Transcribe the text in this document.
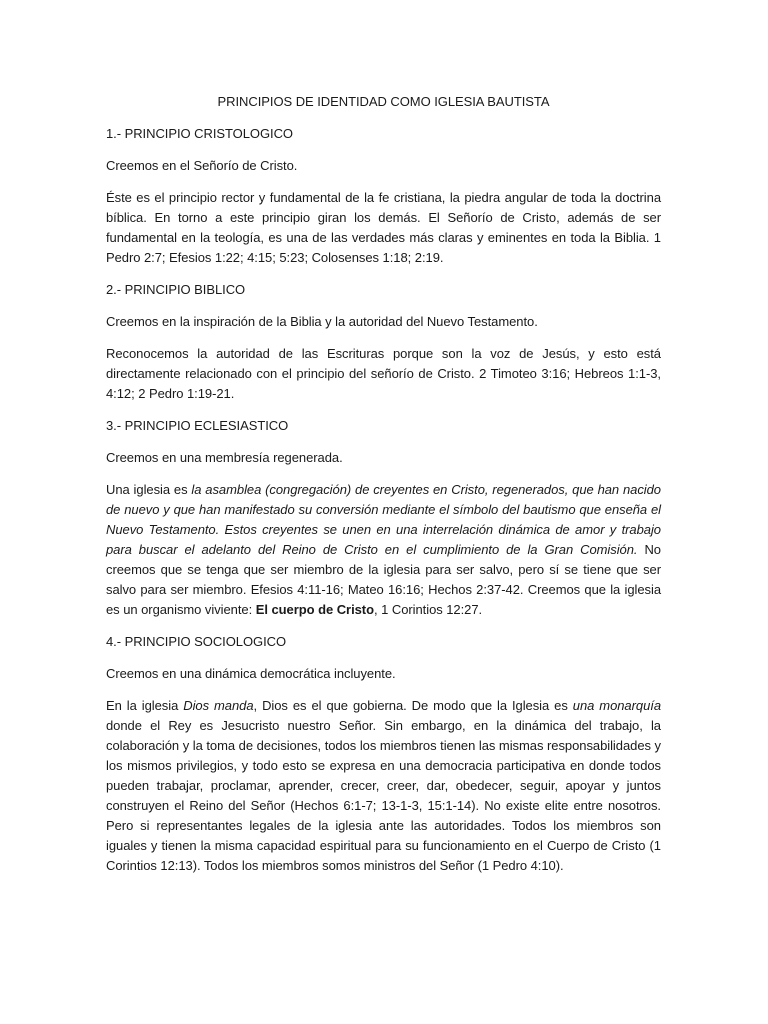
PRINCIPIOS DE IDENTIDAD COMO IGLESIA BAUTISTA
1.- PRINCIPIO CRISTOLOGICO
Creemos en el Señorío de Cristo.

Éste es el principio rector y fundamental de la fe cristiana, la piedra angular de toda la doctrina bíblica. En torno a este principio giran los demás. El Señorío de Cristo, además de ser fundamental en la teología, es una de las verdades más claras y eminentes en toda la Biblia. 1 Pedro 2:7; Efesios 1:22; 4:15; 5:23; Colosenses 1:18; 2:19.

2.- PRINCIPIO BIBLICO
Creemos en la inspiración de la Biblia y la autoridad del Nuevo Testamento.

Reconocemos la autoridad de las Escrituras porque son la voz de Jesús, y esto está directamente relacionado con el principio del señorío de Cristo. 2 Timoteo 3:16; Hebreos 1:1-3, 4:12; 2 Pedro 1:19-21.

3.- PRINCIPIO ECLESIASTICO
Creemos en una membresía regenerada.

Una iglesia es la asamblea (congregación) de creyentes en Cristo, regenerados, que han nacido de nuevo y que han manifestado su conversión mediante el símbolo del bautismo que enseña el Nuevo Testamento. Estos creyentes se unen en una interrelación dinámica de amor y trabajo para buscar el adelanto del Reino de Cristo en el cumplimiento de la Gran Comisión. No creemos que se tenga que ser miembro de la iglesia para ser salvo, pero sí se tiene que ser salvo para ser miembro. Efesios 4:11-16; Mateo 16:16; Hechos 2:37-42. Creemos que la iglesia es un organismo viviente: El cuerpo de Cristo, 1 Corintios 12:27.

4.- PRINCIPIO SOCIOLOGICO
Creemos en una dinámica democrática incluyente.

En la iglesia Dios manda, Dios es el que gobierna. De modo que la Iglesia es una monarquía donde el Rey es Jesucristo nuestro Señor. Sin embargo, en la dinámica del trabajo, la colaboración y la toma de decisiones, todos los miembros tienen las mismas responsabilidades y los mismos privilegios, y todo esto se expresa en una democracia participativa en donde todos pueden trabajar, proclamar, aprender, crecer, creer, dar, obedecer, seguir, apoyar y juntos construyen el Reino del Señor (Hechos 6:1-7; 13-1-3, 15:1-14). No existe elite entre nosotros. Pero si representantes legales de la iglesia ante las autoridades. Todos los miembros son iguales y tienen la misma capacidad espiritual para su funcionamiento en el Cuerpo de Cristo (1 Corintios 12:13). Todos los miembros somos ministros del Señor (1 Pedro 4:10).
